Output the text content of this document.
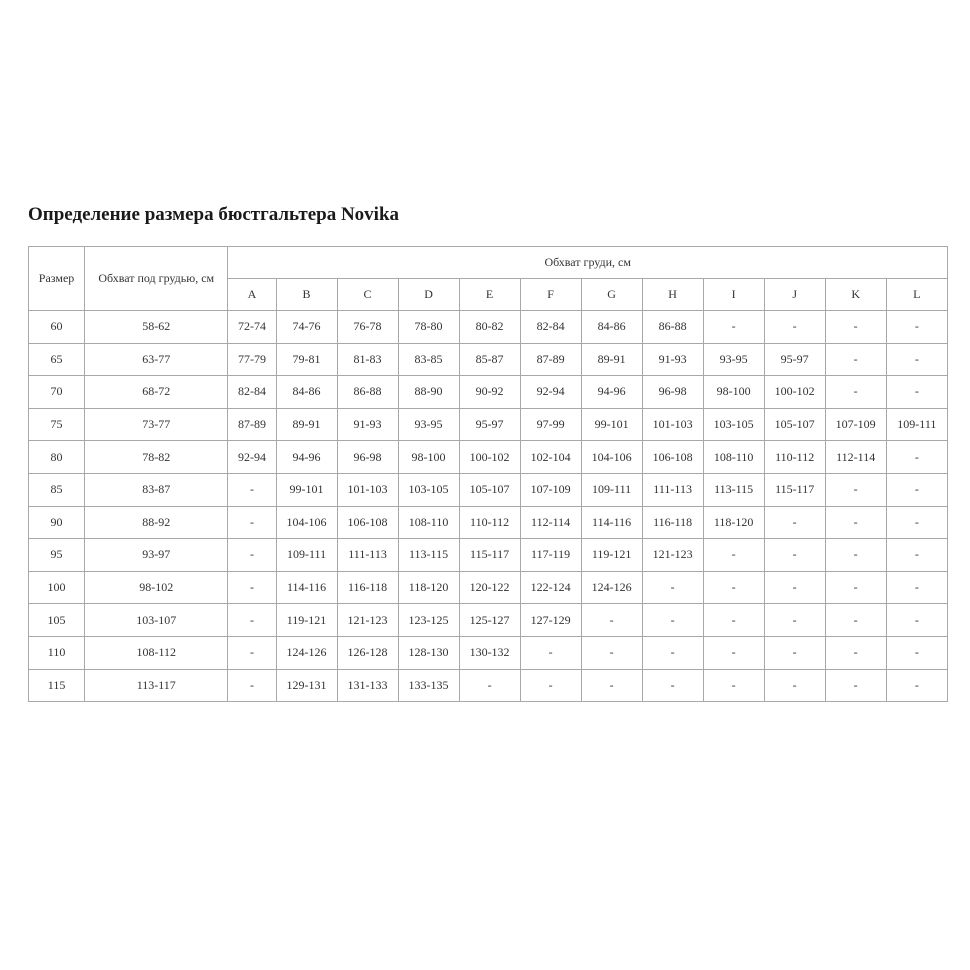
Определение размера бюстгальтера Novika
Размер	Обхват под грудью, см	Обхват груди, см											
		A	B	C	D	E	F	G	H	I	J	K	L
60	58-62	72-74	74-76	76-78	78-80	80-82	82-84	84-86	86-88	-	-	-	-
65	63-77	77-79	79-81	81-83	83-85	85-87	87-89	89-91	91-93	93-95	95-97	-	-
70	68-72	82-84	84-86	86-88	88-90	90-92	92-94	94-96	96-98	98-100	100-102	-	-
75	73-77	87-89	89-91	91-93	93-95	95-97	97-99	99-101	101-103	103-105	105-107	107-109	109-111
80	78-82	92-94	94-96	96-98	98-100	100-102	102-104	104-106	106-108	108-110	110-112	112-114	-
85	83-87	-	99-101	101-103	103-105	105-107	107-109	109-111	111-113	113-115	115-117	-	-
90	88-92	-	104-106	106-108	108-110	110-112	112-114	114-116	116-118	118-120	-	-	-
95	93-97	-	109-111	111-113	113-115	115-117	117-119	119-121	121-123	-	-	-	-
100	98-102	-	114-116	116-118	118-120	120-122	122-124	124-126	-	-	-	-	-
105	103-107	-	119-121	121-123	123-125	125-127	127-129	-	-	-	-	-	-
110	108-112	-	124-126	126-128	128-130	130-132	-	-	-	-	-	-	-
115	113-117	-	129-131	131-133	133-135	-	-	-	-	-	-	-	-
